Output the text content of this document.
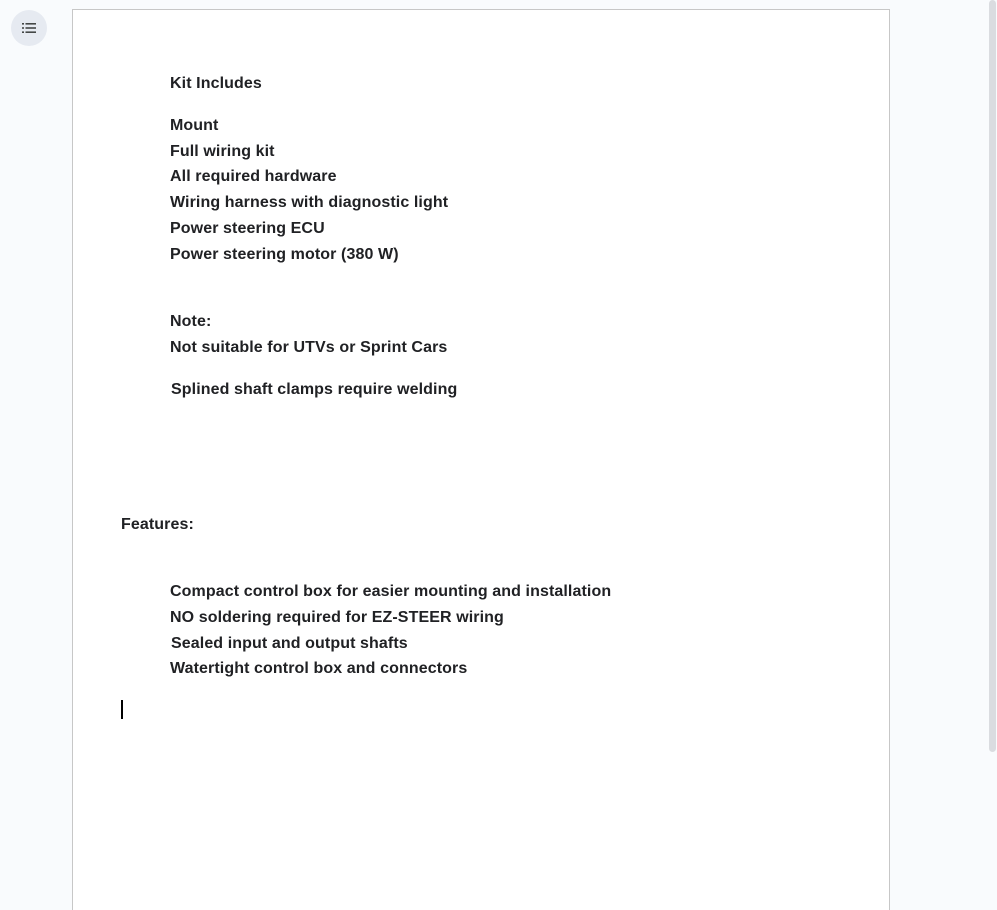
Kit Includes
Mount
Full wiring kit
All required hardware
Wiring harness with diagnostic light
Power steering ECU
Power steering motor (380 W)
Note:
Not suitable for UTVs or Sprint Cars
Splined shaft clamps require welding
Features:
Compact control box for easier mounting and installation
NO soldering required for EZ-STEER wiring
Sealed input and output shafts
Watertight control box and connectors
